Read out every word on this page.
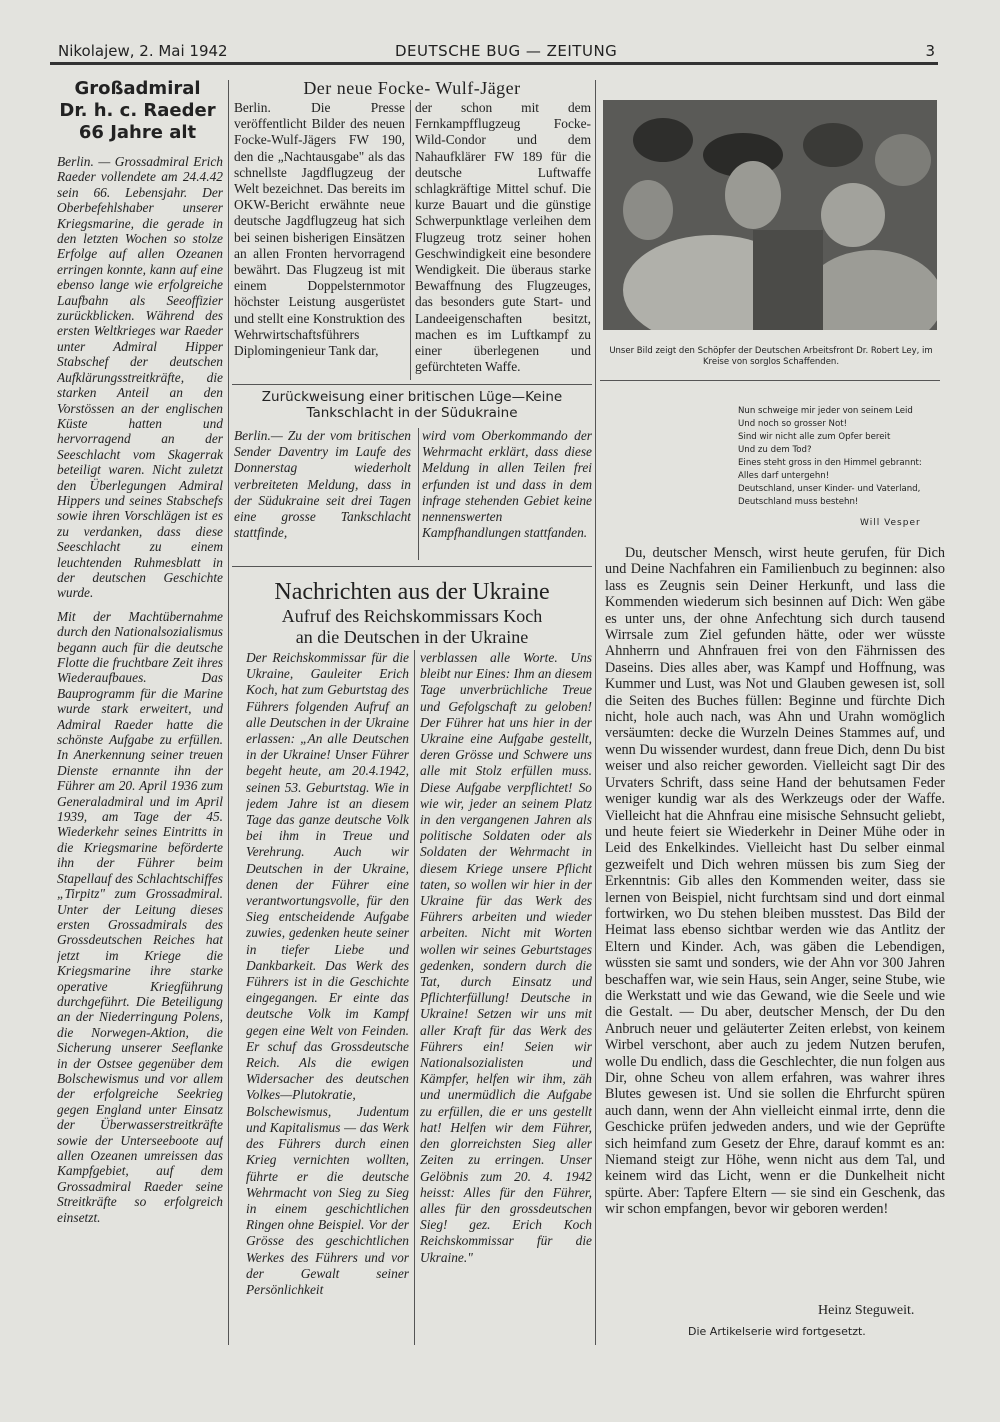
Nikolajew, 2. Mai 1942	DEUTSCHE BUG — ZEITUNG	3
Großadmiral
Dr. h. c. Raeder
66 Jahre alt

Berlin. — Grossadmiral Erich Raeder vollendete am 24.4.42 sein 66. Lebensjahr. Der Oberbefehlshaber unserer Kriegsmarine, die gerade in den letzten Wochen so stolze Erfolge auf allen Ozeanen erringen konnte, kann auf eine ebenso lange wie erfolgreiche Laufbahn als Seeoffizier zurückblicken. Während des ersten Weltkrieges war Raeder unter Admiral Hipper Stabschef der deutschen Aufklärungsstreitkräfte, die starken Anteil an den Vorstössen an der englischen Küste hatten und hervorragend an der Seeschlacht vom Skagerrak beteiligt waren. Nicht zuletzt den Überlegungen Admiral Hippers und seines Stabschefs sowie ihren Vorschlägen ist es zu verdanken, dass diese Seeschlacht zu einem leuchtenden Ruhmesblatt in der deutschen Geschichte wurde.

Mit der Machtübernahme durch den Nationalsozialismus begann auch für die deutsche Flotte die fruchtbare Zeit ihres Wiederaufbaues. Das Bauprogramm für die Marine wurde stark erweitert, und Admiral Raeder hatte die schönste Aufgabe zu erfüllen. In Anerkennung seiner treuen Dienste ernannte ihn der Führer am 20. April 1936 zum Generaladmiral und im April 1939, am Tage der 45. Wiederkehr seines Eintritts in die Kriegsmarine beförderte ihn der Führer beim Stapellauf des Schlachtschiffes „Tirpitz" zum Grossadmiral. Unter der Leitung dieses ersten Grossadmirals des Grossdeutschen Reiches hat jetzt im Kriege die Kriegsmarine ihre starke operative Kriegführung durchgeführt. Die Beteiligung an der Niederringung Polens, die Norwegen-Aktion, die Sicherung unserer Seeflanke in der Ostsee gegenüber dem Bolschewismus und vor allem der erfolgreiche Seekrieg gegen England unter Einsatz der Überwasserstreitkräfte sowie der Unterseeboote auf allen Ozeanen umreissen das Kampfgebiet, auf dem Grossadmiral Raeder seine Streitkräfte so erfolgreich einsetzt.

Der neue Focke- Wulf-Jäger
Berlin. Die Presse veröffentlicht Bilder des neuen Focke-Wulf-Jägers FW 190, den die „Nachtausgabe" als das schnellste Jagdflugzeug der Welt bezeichnet. Das bereits im OKW-Bericht erwähnte neue deutsche Jagdflugzeug hat sich bei seinen bisherigen Einsätzen an allen Fronten hervorragend bewährt. Das Flugzeug ist mit einem Doppelsternmotor höchster Leistung ausgerüstet und stellt eine Konstruktion des Wehrwirtschaftsführers Diplomingenieur Tank dar,
der schon mit dem Fernkampfflugzeug Focke-Wild-Condor und dem Nahaufklärer FW 189 für die deutsche Luftwaffe schlagkräftige Mittel schuf. Die kurze Bauart und die günstige Schwerpunktlage verleihen dem Flugzeug trotz seiner hohen Geschwindigkeit eine besondere Wendigkeit. Die überaus starke Bewaffnung des Flugzeuges, das besonders gute Start- und Landeeigenschaften besitzt, machen es im Luftkampf zu einer überlegenen und gefürchteten Waffe.
Zurückweisung einer britischen Lüge—Keine
Tankschlacht in der Südukraine
Berlin.— Zu der vom britischen Sender Daventry im Laufe des Donnerstag wiederholt verbreiteten Meldung, dass in der Südukraine seit drei Tagen eine grosse Tankschlacht stattfinde,
wird vom Oberkommando der Wehrmacht erklärt, dass diese Meldung in allen Teilen frei erfunden ist und dass in dem infrage stehenden Gebiet keine nennenswerten Kampfhandlungen stattfanden.
Nachrichten aus der Ukraine
Aufruf des Reichskommissars Koch
an die Deutschen in der Ukraine
Der Reichskommissar für die Ukraine, Gauleiter Erich Koch, hat zum Geburtstag des Führers folgenden Aufruf an alle Deutschen in der Ukraine erlassen: „An alle Deutschen in der Ukraine! Unser Führer begeht heute, am 20.4.1942, seinen 53. Geburtstag. Wie in jedem Jahre ist an diesem Tage das ganze deutsche Volk bei ihm in Treue und Verehrung. Auch wir Deutschen in der Ukraine, denen der Führer eine verantwortungsvolle, für den Sieg entscheidende Aufgabe zuwies, gedenken heute seiner in tiefer Liebe und Dankbarkeit. Das Werk des Führers ist in die Geschichte eingegangen. Er einte das deutsche Volk im Kampf gegen eine Welt von Feinden. Er schuf das Grossdeutsche Reich. Als die ewigen Widersacher des deutschen Volkes—Plutokratie, Bolschewismus, Judentum und Kapitalismus — das Werk des Führers durch einen Krieg vernichten wollten, führte er die deutsche Wehrmacht von Sieg zu Sieg in einem geschichtlichen Ringen ohne Beispiel. Vor der Grösse des geschichtlichen Werkes des Führers und vor der Gewalt seiner Persönlichkeit
verblassen alle Worte. Uns bleibt nur Eines: Ihm an diesem Tage unverbrüchliche Treue und Gefolgschaft zu geloben! Der Führer hat uns hier in der Ukraine eine Aufgabe gestellt, deren Grösse und Schwere uns alle mit Stolz erfüllen muss. Diese Aufgabe verpflichtet! So wie wir, jeder an seinem Platz in den vergangenen Jahren als politische Soldaten oder als Soldaten der Wehrmacht in diesem Kriege unsere Pflicht taten, so wollen wir hier in der Ukraine für das Werk des Führers arbeiten und wieder arbeiten. Nicht mit Worten wollen wir seines Geburtstages gedenken, sondern durch die Tat, durch Einsatz und Pflichterfüllung! Deutsche in Ukraine! Setzen wir uns mit aller Kraft für das Werk des Führers ein! Seien wir Nationalsozialisten und Kämpfer, helfen wir ihm, zäh und unermüdlich die Aufgabe zu erfüllen, die er uns gestellt hat! Helfen wir dem Führer, den glorreichsten Sieg aller Zeiten zu erringen. Unser Gelöbnis zum 20. 4. 1942 heisst: Alles für den Führer, alles für den grossdeutschen Sieg! gez. Erich Koch Reichskommissar für die Ukraine."
Unser Bild zeigt den Schöpfer der Deutschen Arbeitsfront Dr. Robert Ley, im Kreise von sorglos Schaffenden.
Nun schweige mir jeder von seinem Leid
Und noch so grosser Not!
Sind wir nicht alle zum Opfer bereit
Und zu dem Tod?
Eines steht gross in den Himmel gebrannt:
Alles darf untergehn!
Deutschland, unser Kinder- und Vaterland,
Deutschland muss bestehn!
Will Vesper
Du, deutscher Mensch, wirst heute gerufen, für Dich und Deine Nachfahren ein Familienbuch zu beginnen: also lass es Zeugnis sein Deiner Herkunft, und lass die Kommenden wiederum sich besinnen auf Dich: Wen gäbe es unter uns, der ohne Anfechtung sich durch tausend Wirrsale zum Ziel gefunden hätte, oder wer wüsste Ahnherrn und Ahnfrauen frei von den Fährnissen des Daseins. Dies alles aber, was Kampf und Hoffnung, was Kummer und Lust, was Not und Glauben gewesen ist, soll die Seiten des Buches füllen: Beginne und fürchte Dich nicht, hole auch nach, was Ahn und Urahn womöglich versäumten: decke die Wurzeln Deines Stammes auf, und wenn Du wissender wurdest, dann freue Dich, denn Du bist weiser und also reicher geworden. Vielleicht sagt Dir des Urvaters Schrift, dass seine Hand der behutsamen Feder weniger kundig war als des Werkzeugs oder der Waffe. Vielleicht hat die Ahnfrau eine misische Sehnsucht geliebt, und heute feiert sie Wiederkehr in Deiner Mühe oder in Leid des Enkelkindes. Vielleicht hast Du selber einmal gezweifelt und Dich wehren müssen bis zum Sieg der Erkenntnis: Gib alles den Kommenden weiter, dass sie lernen von Beispiel, nicht furchtsam sind und dort einmal fortwirken, wo Du stehen bleiben musstest. Das Bild der Heimat lass ebenso sichtbar werden wie das Antlitz der Eltern und Kinder. Ach, was gäben die Lebendigen, wüssten sie samt und sonders, wie der Ahn vor 300 Jahren beschaffen war, wie sein Haus, sein Anger, seine Stube, wie die Werkstatt und wie das Gewand, wie die Seele und wie die Gestalt. — Du aber, deutscher Mensch, der Du den Anbruch neuer und geläuterter Zeiten erlebst, von keinem Wirbel verschont, aber auch zu jedem Nutzen berufen, wolle Du endlich, dass die Geschlechter, die nun folgen aus Dir, ohne Scheu von allem erfahren, was wahrer ihres Blutes gewesen ist. Und sie sollen die Ehrfurcht spüren auch dann, wenn der Ahn vielleicht einmal irrte, denn die Geschicke prüfen jedweden anders, und wie der Geprüfte sich heimfand zum Gesetz der Ehre, darauf kommt es an: Niemand steigt zur Höhe, wenn nicht aus dem Tal, und keinem wird das Licht, wenn er die Dunkelheit nicht spürte. Aber: Tapfere Eltern — sie sind ein Geschenk, das wir schon empfangen, bevor wir geboren werden!
Heinz Steguweit.
Die Artikelserie wird fortgesetzt.
